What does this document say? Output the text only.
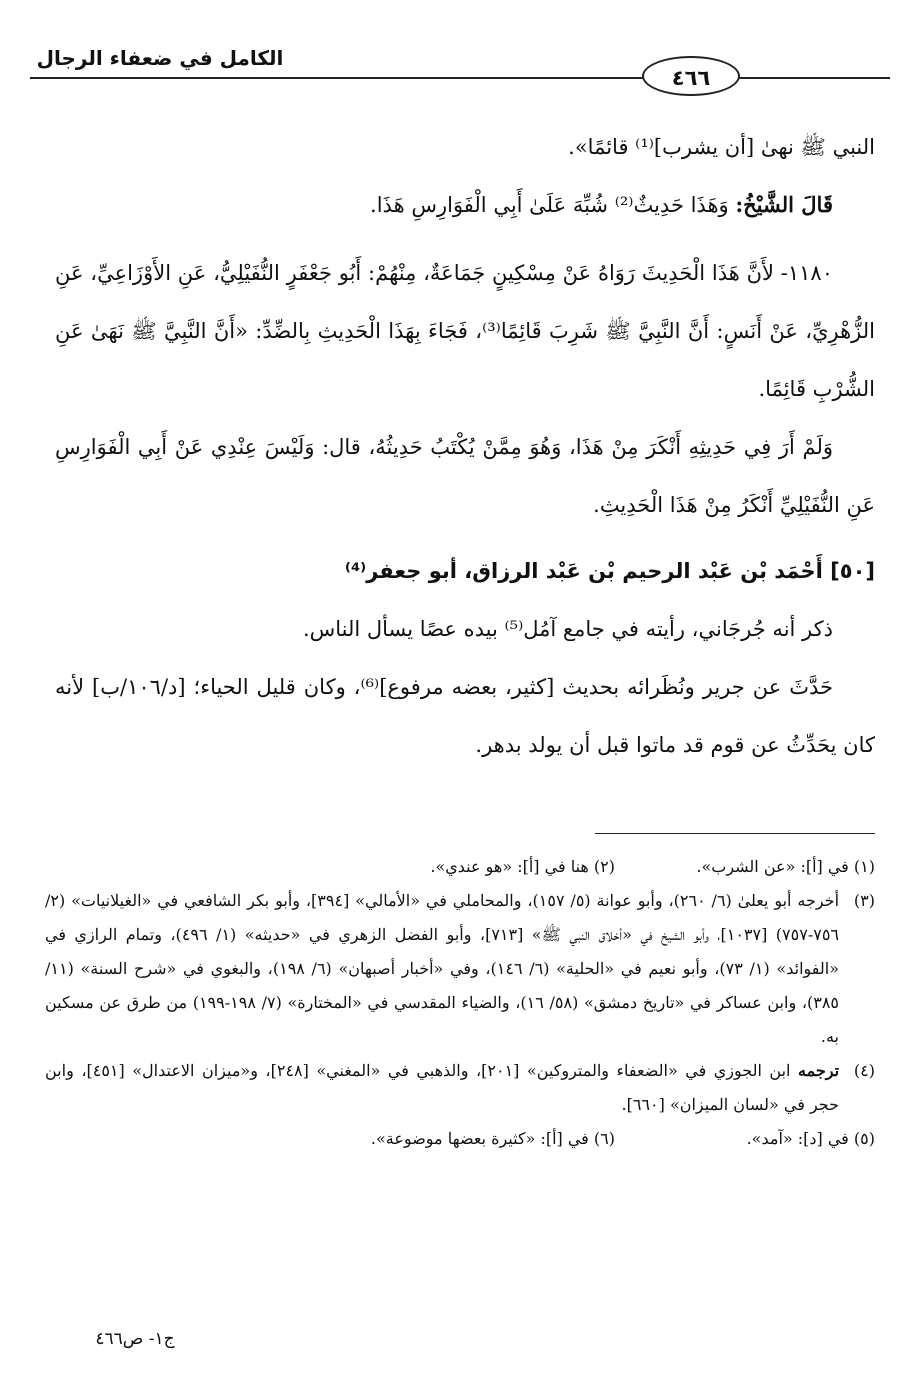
الكامل في ضعفاء الرجال
٤٦٦

النبي ﷺ نهىٰ [أن يشرب]⁽¹⁾ قائمًا».

قَالَ الشَّيْخُ: وَهَذَا حَدِيثٌ⁽²⁾ شُبِّهَ عَلَىٰ أَبِي الْفَوَارِسِ هَذَا.

١١٨٠- لأَنَّ هَذَا الْحَدِيثَ رَوَاهُ عَنْ مِسْكِينٍ جَمَاعَةٌ، مِنْهُمْ: أَبُو جَعْفَرٍ النُّفَيْلِيُّ، عَنِ الأَوْزَاعِيِّ، عَنِ الزُّهْرِيِّ، عَنْ أَنَسٍ: أَنَّ النَّبِيَّ ﷺ شَرِبَ قَائِمًا⁽³⁾، فَجَاءَ بِهَذَا الْحَدِيثِ بِالضِّدِّ: «أَنَّ النَّبِيَّ ﷺ نَهَىٰ عَنِ الشُّرْبِ قَائِمًا.

وَلَمْ أَرَ فِي حَدِيثِهِ أَنْكَرَ مِنْ هَذَا، وَهُوَ مِمَّنْ يُكْتَبُ حَدِيثُهُ، قال: وَلَيْسَ عِنْدِي عَنْ أَبِي الْفَوَارِسِ عَنِ النُّفَيْلِيِّ أَنْكَرُ مِنْ هَذَا الْحَدِيثِ.

[٥٠] أَحْمَد بْن عَبْد الرحيم بْن عَبْد الرزاق، أبو جعفر⁽⁴⁾

ذكر أنه جُرجَاني، رأيته في جامع آمُل⁽⁵⁾ بيده عصًا يسأل الناس.

حَدَّثَ عن جرير ونُظَرائه بحديث [كثير، بعضه مرفوع]⁽⁶⁾، وكان قليل الحياء؛ [د/١٠٦/ب] لأنه كان يحَدِّثُ عن قوم قد ماتوا قبل أن يولد بدهر.

(١) في [أ]: «عن الشرب».
(٢) هنا في [أ]: «هو عندي».
(٣)
أخرجه أبو يعلىٰ (٦/ ٢٦٠)، وأبو عوانة (٥/ ١٥٧)، والمحاملي في «الأمالي» [٣٩٤]، وأبو بكر الشافعي في «الغيلانيات» (٢/ ٧٥٦-٧٥٧) [١٠٣٧]، وأبو الشيخ في «أخلاق النبي ﷺ» [٧١٣]، وأبو الفضل الزهري في «حديثه» (١/ ٤٩٦)، وتمام الرازي في «الفوائد» (١/ ٧٣)، وأبو نعيم في «الحلية» (٦/ ١٤٦)، وفي «أخبار أصبهان» (٦/ ١٩٨)، والبغوي في «شرح السنة» (١١/ ٣٨٥)، وابن عساكر في «تاريخ دمشق» (٥٨/ ١٦)، والضياء المقدسي في «المختارة» (٧/ ١٩٨-١٩٩) من طرق عن مسكين به.
(٤)
ترجمه ابن الجوزي في «الضعفاء والمتروكين» [٢٠١]، والذهبي في «المغني» [٢٤٨]، و«ميزان الاعتدال» [٤٥١]، وابن حجر في «لسان الميزان» [٦٦٠].
(٥) في [د]: «آمد».
(٦) في [أ]: «كثيرة بعضها موضوعة».
ج١- ص٤٦٦
